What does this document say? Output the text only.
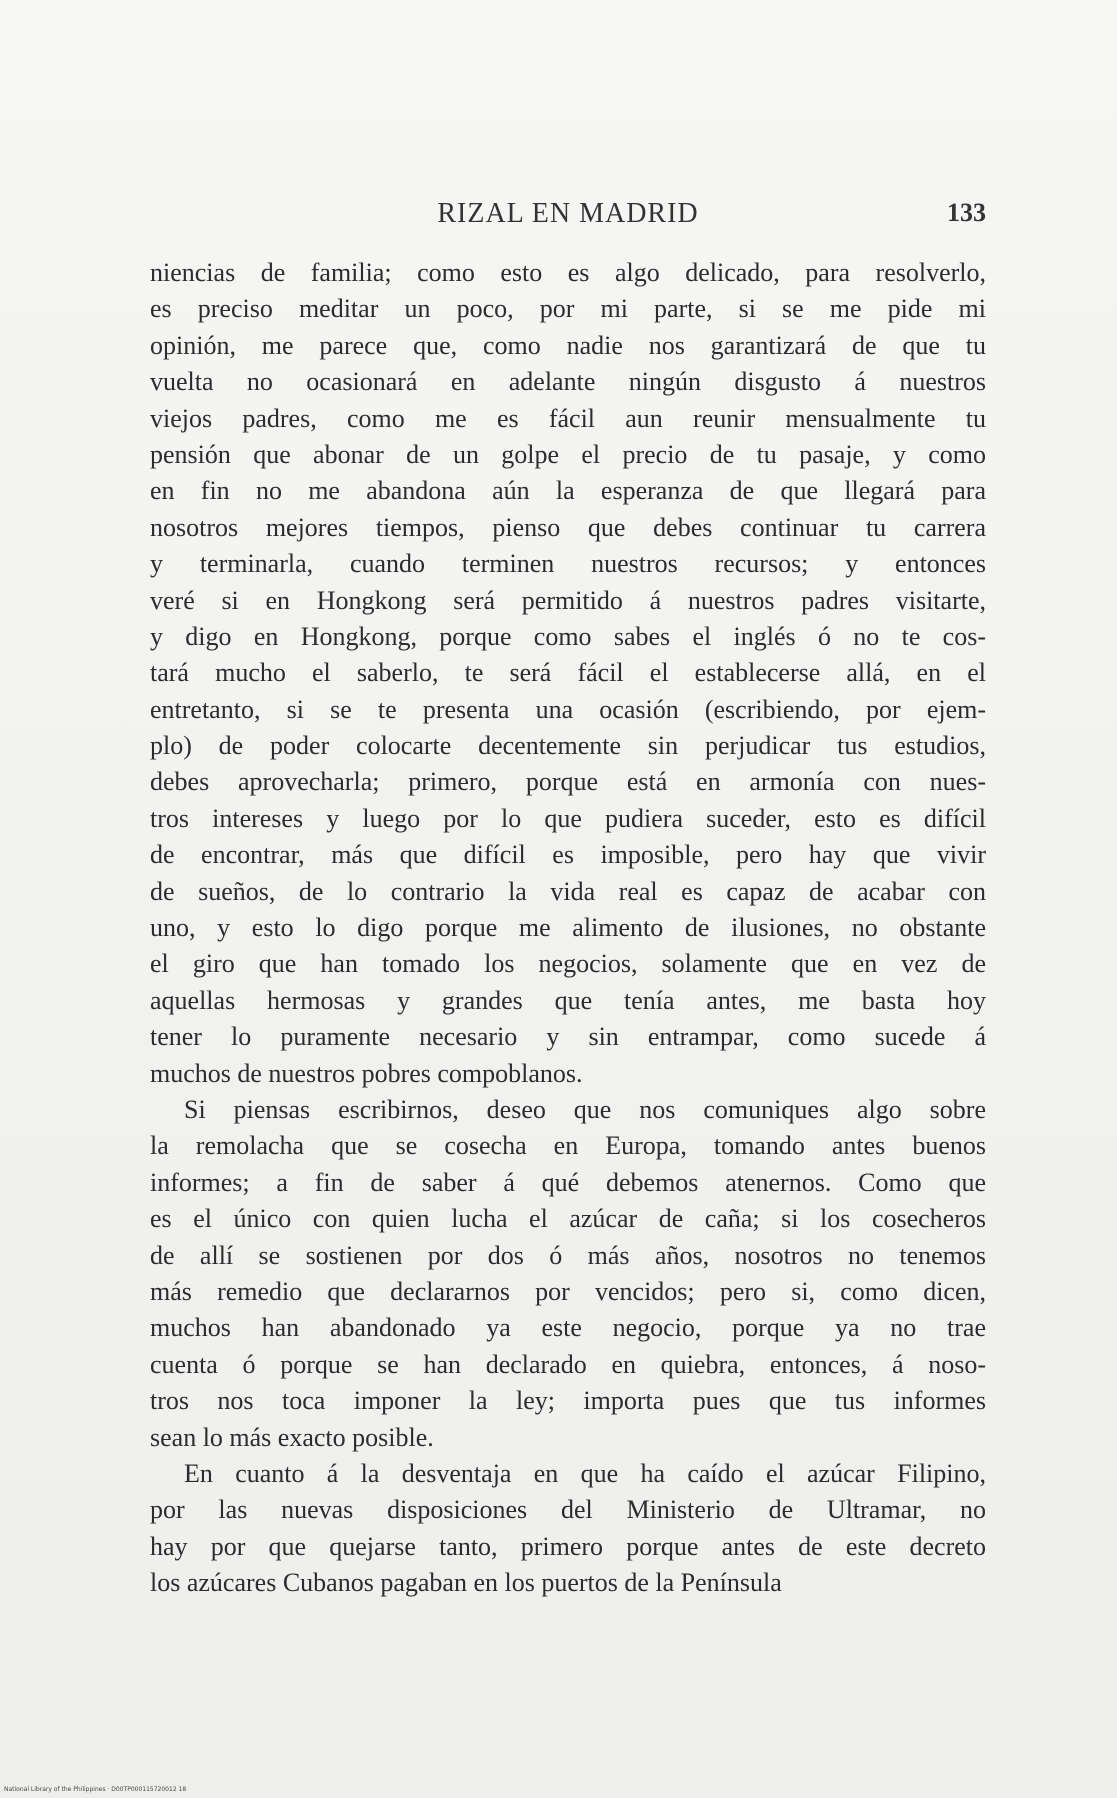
RIZAL EN MADRID	133
niencias de familia; como esto es algo delicado, para resolverlo,
es preciso meditar un poco, por mi parte, si se me pide mi
opinión, me parece que, como nadie nos garantizará de que tu
vuelta no ocasionará en adelante ningún disgusto á nuestros
viejos padres, como me es fácil aun reunir mensualmente tu
pensión que abonar de un golpe el precio de tu pasaje, y como
en fin no me abandona aún la esperanza de que llegará para
nosotros mejores tiempos, pienso que debes continuar tu carrera
y terminarla, cuando terminen nuestros recursos; y entonces
veré si en Hongkong será permitido á nuestros padres visitarte,
y digo en Hongkong, porque como sabes el inglés ó no te cos-
tará mucho el saberlo, te será fácil el establecerse allá, en el
entretanto, si se te presenta una ocasión (escribiendo, por ejem-
plo) de poder colocarte decentemente sin perjudicar tus estudios,
debes aprovecharla; primero, porque está en armonía con nues-
tros intereses y luego por lo que pudiera suceder, esto es difícil
de encontrar, más que difícil es imposible, pero hay que vivir
de sueños, de lo contrario la vida real es capaz de acabar con
uno, y esto lo digo porque me alimento de ilusiones, no obstante
el giro que han tomado los negocios, solamente que en vez de
aquellas hermosas y grandes que tenía antes, me basta hoy
tener lo puramente necesario y sin entrampar, como sucede á
muchos de nuestros pobres compoblanos.
Si piensas escribirnos, deseo que nos comuniques algo sobre
la remolacha que se cosecha en Europa, tomando antes buenos
informes; a fin de saber á qué debemos atenernos. Como que
es el único con quien lucha el azúcar de caña; si los cosecheros
de allí se sostienen por dos ó más años, nosotros no tenemos
más remedio que declararnos por vencidos; pero si, como dicen,
muchos han abandonado ya este negocio, porque ya no trae
cuenta ó porque se han declarado en quiebra, entonces, á noso-
tros nos toca imponer la ley; importa pues que tus informes
sean lo más exacto posible.
En cuanto á la desventaja en que ha caído el azúcar Filipino,
por las nuevas disposiciones del Ministerio de Ultramar, no
hay por que quejarse tanto, primero porque antes de este decreto
los azúcares Cubanos pagaban en los puertos de la Península
National Library of the Philippines · D00TP000115720012 18
